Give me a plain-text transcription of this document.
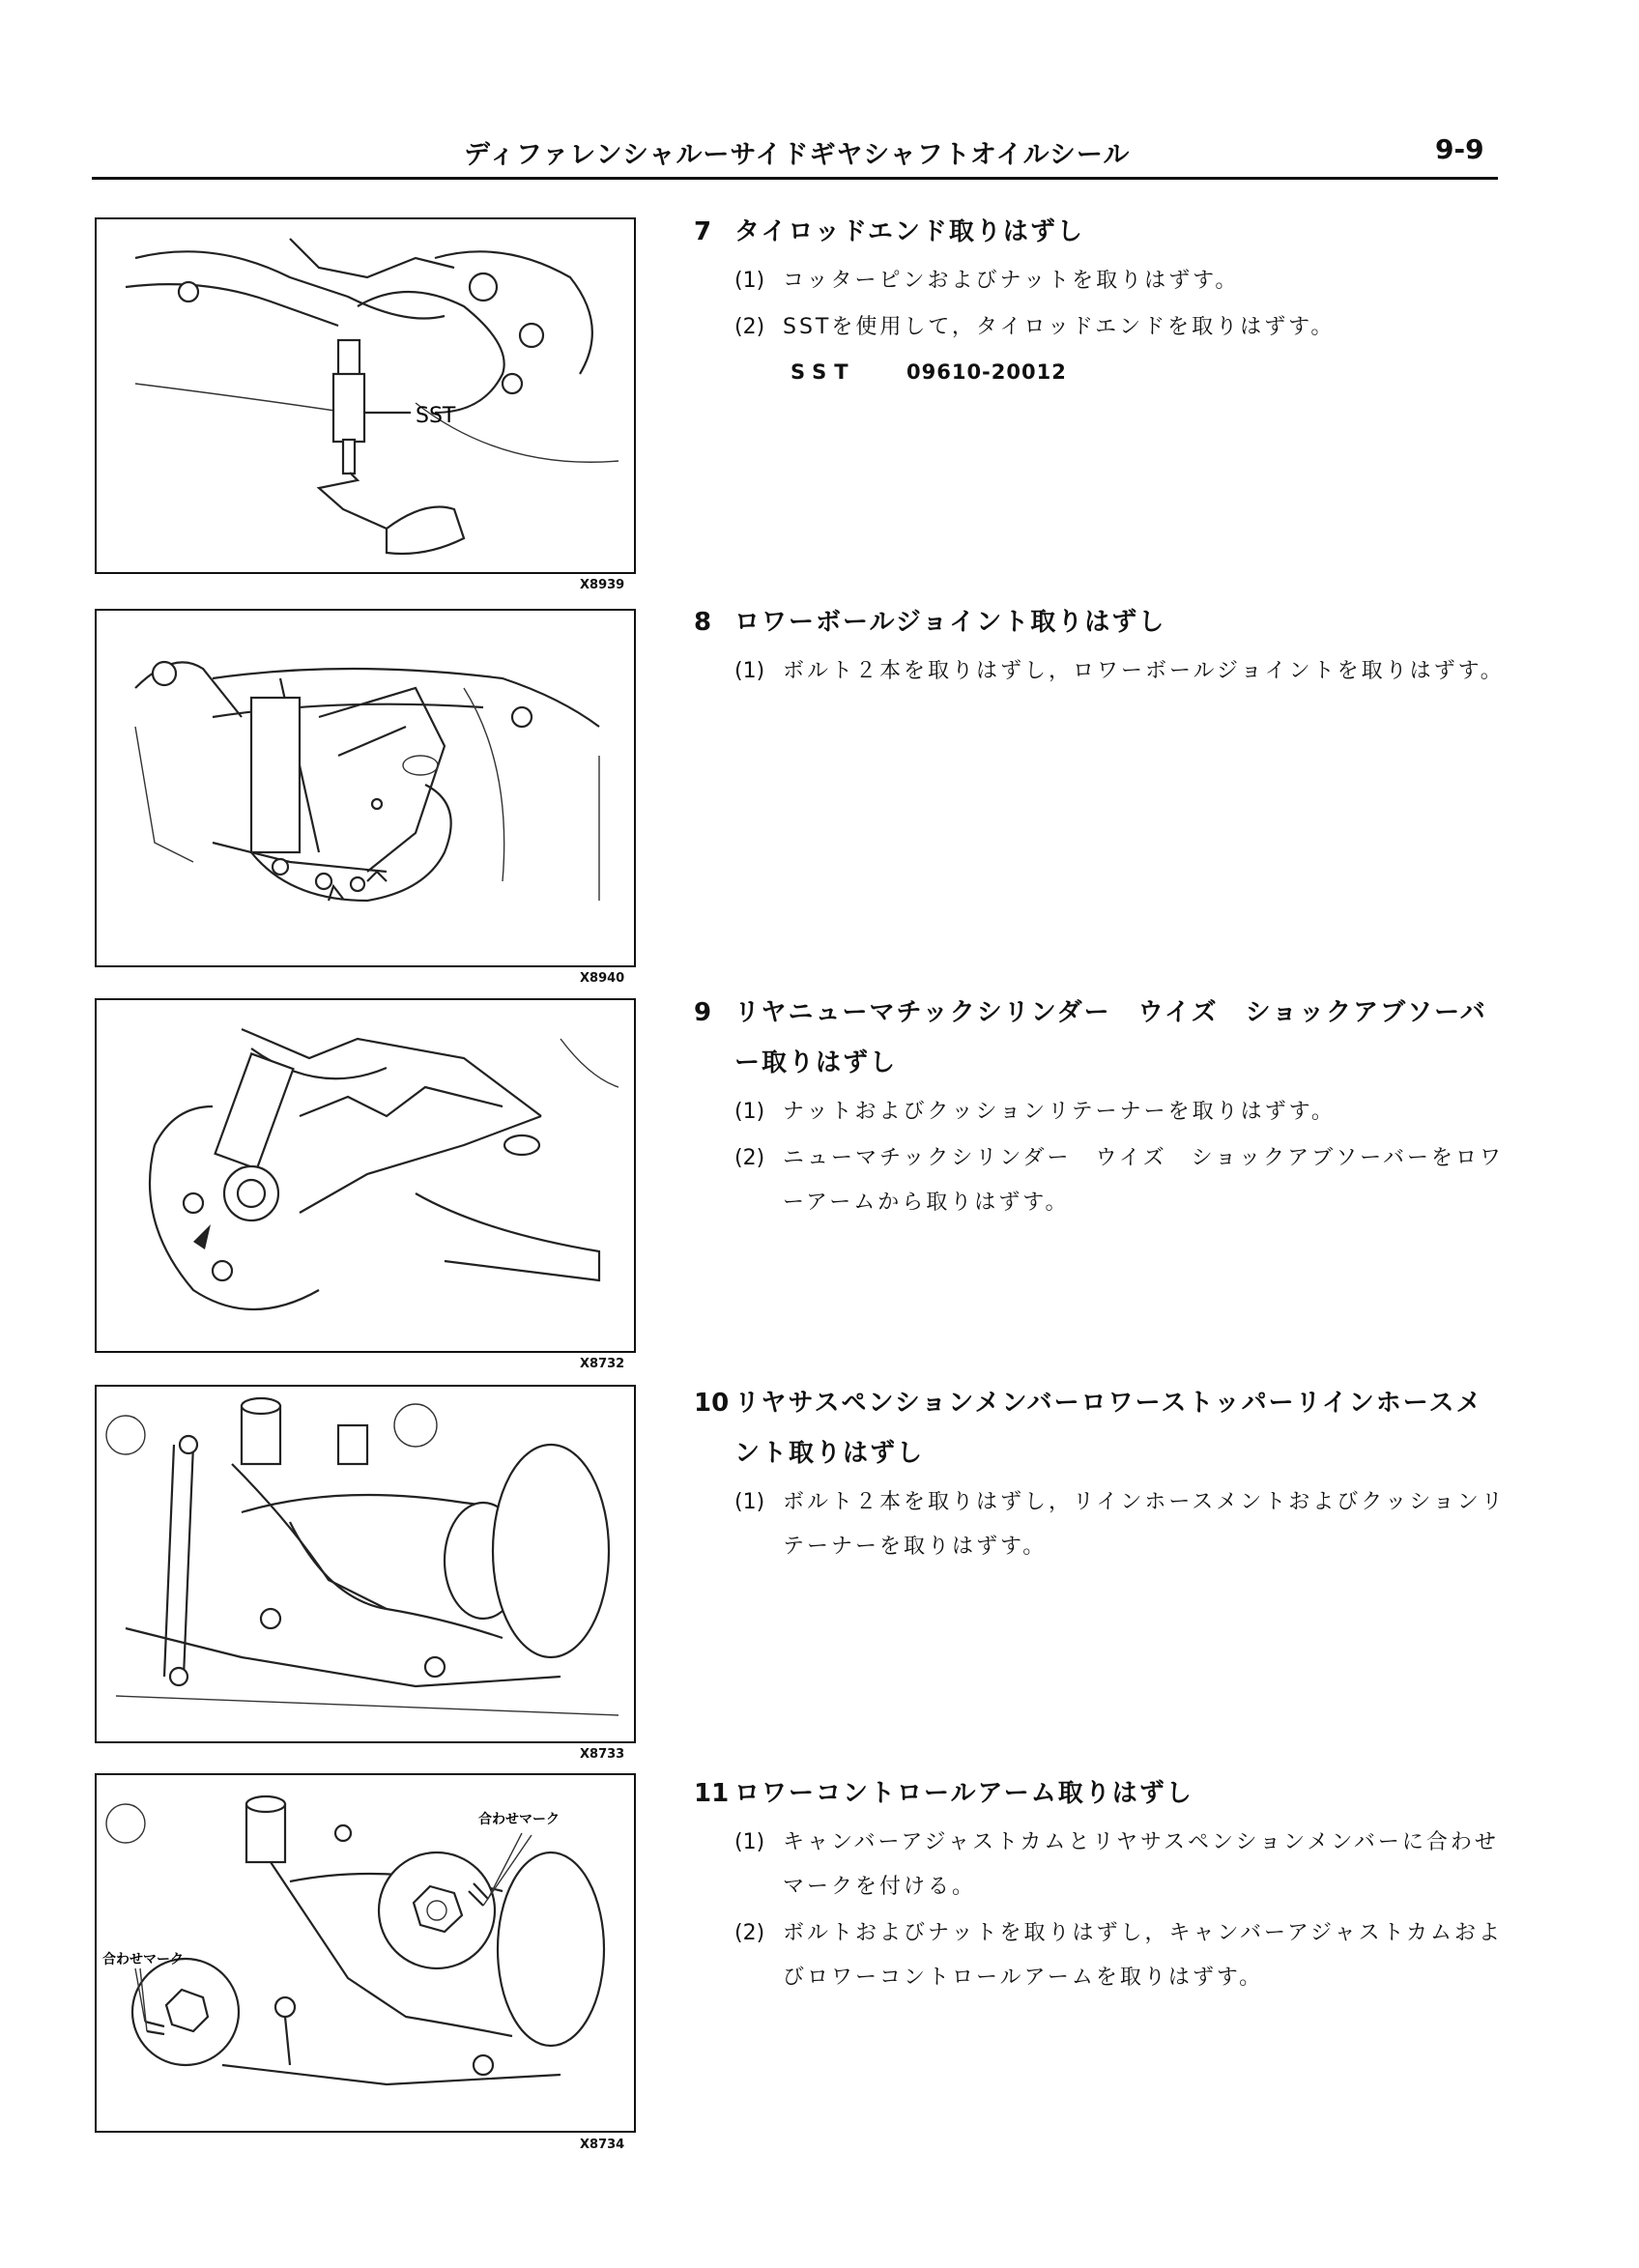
ディファレンシャルーサイドギヤシャフトオイルシール	9-9
SST
X8939
X8940
X8732
X8733
合わせマーク
合わせマーク
X8734
7 タイロッドエンド取りはずし
(1) コッターピンおよびナットを取りはずす。
(2) SSTを使用して，タイロッドエンドを取りはずす。
SST	09610-20012
8 ロワーボールジョイント取りはずし
(1) ボルト２本を取りはずし，ロワーボールジョイントを取りはずす。
9 リヤニューマチックシリンダー　ウイズ　ショックアブソーバー取りはずし
(1) ナットおよびクッションリテーナーを取りはずす。
(2) ニューマチックシリンダー　ウイズ　ショックアブソーバーをロワーアームから取りはずす。
10 リヤサスペンションメンバーロワーストッパーリインホースメント取りはずし
(1) ボルト２本を取りはずし，リインホースメントおよびクッションリテーナーを取りはずす。
11 ロワーコントロールアーム取りはずし
(1) キャンバーアジャストカムとリヤサスペンションメンバーに合わせマークを付ける。
(2) ボルトおよびナットを取りはずし，キャンバーアジャストカムおよびロワーコントロールアームを取りはずす。
